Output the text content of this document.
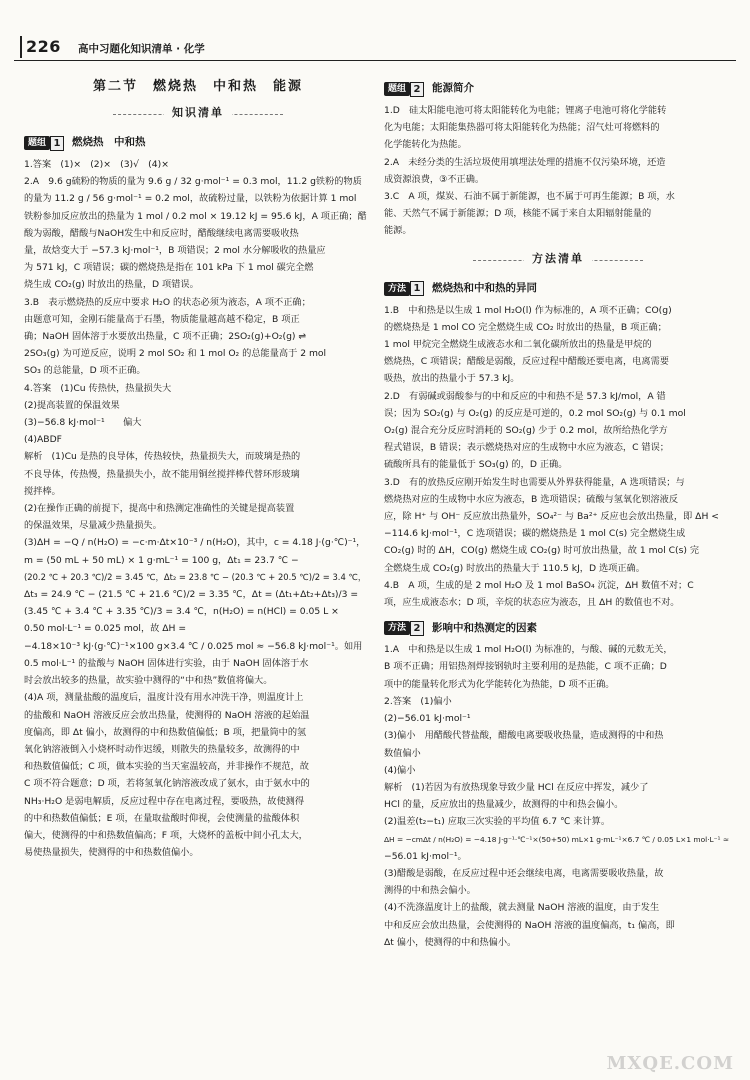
226 高中习题化知识清单 · 化学
第二节　燃烧热　中和热　能源
知识清单
题组 1	燃烧热　中和热

1.答案　(1)×　(2)×　(3)√　(4)×

2.A　9.6 g硫粉的物质的量为 9.6 g / 32 g·mol⁻¹ = 0.3 mol，11.2 g铁粉的物质

的量为 11.2 g / 56 g·mol⁻¹ = 0.2 mol，故硫粉过量，以铁粉为依据计算 1 mol

铁粉参加反应放出的热量为 1 mol / 0.2 mol × 19.12 kJ = 95.6 kJ，A 项正确；醋

酸为弱酸，醋酸与NaOH发生中和反应时，醋酸继续电离需要吸收热

量，故焓变大于 −57.3 kJ·mol⁻¹，B 项错误；2 mol 水分解吸收的热量应

为 571 kJ，C 项错误；碳的燃烧热是指在 101 kPa 下 1 mol 碳完全燃

烧生成 CO₂(g) 时放出的热量，D 项错误。

3.B　表示燃烧热的反应中要求 H₂O 的状态必须为液态，A 项不正确；

由题意可知，金刚石能量高于石墨，物质能量越高越不稳定，B 项正

确；NaOH 固体溶于水要放出热量，C 项不正确；2SO₂(g)+O₂(g) ⇌

2SO₃(g) 为可逆反应，说明 2 mol SO₂ 和 1 mol O₂ 的总能量高于 2 mol

SO₃ 的总能量，D 项不正确。

4.答案　(1)Cu 传热快，热量损失大

(2)提高装置的保温效果

(3)−56.8 kJ·mol⁻¹　　偏大

(4)ABDF

解析　(1)Cu 是热的良导体，传热较快，热量损失大，而玻璃是热的

不良导体，传热慢，热量损失小，故不能用铜丝搅拌棒代替环形玻璃

搅拌棒。

(2)在操作正确的前提下，提高中和热测定准确性的关键是提高装置

的保温效果，尽量减少热量损失。

(3)ΔH = −Q / n(H₂O) = −c·m·Δt×10⁻³ / n(H₂O)，其中，c = 4.18 J·(g·℃)⁻¹，

m = (50 mL + 50 mL) × 1 g·mL⁻¹ = 100 g，Δt₁ = 23.7 ℃ −

(20.2 ℃ + 20.3 ℃)/2 = 3.45 ℃，Δt₂ = 23.8 ℃ − (20.3 ℃ + 20.5 ℃)/2 = 3.4 ℃，

Δt₃ = 24.9 ℃ − (21.5 ℃ + 21.6 ℃)/2 = 3.35 ℃，Δt = (Δt₁+Δt₂+Δt₃)/3 =

(3.45 ℃ + 3.4 ℃ + 3.35 ℃)/3 = 3.4 ℃，n(H₂O) = n(HCl) = 0.05 L ×

0.50 mol·L⁻¹ = 0.025 mol，故 ΔH =

−4.18×10⁻³ kJ·(g·℃)⁻¹×100 g×3.4 ℃ / 0.025 mol ≈ −56.8 kJ·mol⁻¹。如用

0.5 mol·L⁻¹ 的盐酸与 NaOH 固体进行实验，由于 NaOH 固体溶于水

时会放出较多的热量，故实验中测得的“中和热”数值将偏大。

(4)A 项，测量盐酸的温度后，温度计没有用水冲洗干净，则温度计上

的盐酸和 NaOH 溶液反应会放出热量，使测得的 NaOH 溶液的起始温

度偏高，即 Δt 偏小，故测得的中和热数值偏低；B 项，把量筒中的氢

氧化钠溶液倒入小烧杯时动作迟缓，则散失的热量较多，故测得的中

和热数值偏低；C 项，做本实验的当天室温较高，并非操作不规范，故

C 项不符合题意；D 项，若将氢氧化钠溶液改成了氨水，由于氨水中的

NH₃·H₂O 是弱电解质，反应过程中存在电离过程，要吸热，故使测得

的中和热数值偏低；E 项，在量取盐酸时仰视，会使测量的盐酸体积

偏大，使测得的中和热数值偏高；F 项，大烧杯的盖板中间小孔太大，

易使热量损失，使测得的中和热数值偏小。

题组 2	能源简介

1.D　硅太阳能电池可将太阳能转化为电能；锂离子电池可将化学能转

化为电能；太阳能集热器可将太阳能转化为热能；沼气灶可将燃料的

化学能转化为热能。

2.A　未经分类的生活垃圾使用填埋法处理的措施不仅污染环境，还造

成资源浪费，③不正确。

3.C　A 项，煤炭、石油不属于新能源，也不属于可再生能源；B 项，水

能、天然气不属于新能源；D 项，核能不属于来自太阳辐射能量的

能源。

方法清单
方法 1	燃烧热和中和热的异同

1.B　中和热是以生成 1 mol H₂O(l) 作为标准的，A 项不正确；CO(g)

的燃烧热是 1 mol CO 完全燃烧生成 CO₂ 时放出的热量，B 项正确；

1 mol 甲烷完全燃烧生成液态水和二氧化碳所放出的热量是甲烷的

燃烧热，C 项错误；醋酸是弱酸，反应过程中醋酸还要电离，电离需要

吸热，放出的热量小于 57.3 kJ。

2.D　有弱碱或弱酸参与的中和反应的中和热不是 57.3 kJ/mol，A 错

误；因为 SO₂(g) 与 O₂(g) 的反应是可逆的，0.2 mol SO₂(g) 与 0.1 mol

O₂(g) 混合充分反应时消耗的 SO₂(g) 少于 0.2 mol，故所给热化学方

程式错误，B 错误；表示燃烧热对应的生成物中水应为液态，C 错误；

硫酸所具有的能量低于 SO₃(g) 的，D 正确。

3.D　有的放热反应刚开始发生时也需要从外界获得能量，A 选项错误；与

燃烧热对应的生成物中水应为液态，B 选项错误；硫酸与氢氧化钡溶液反

应，除 H⁺ 与 OH⁻ 反应放出热量外，SO₄²⁻ 与 Ba²⁺ 反应也会放出热量，即 ΔH <

−114.6 kJ·mol⁻¹，C 选项错误；碳的燃烧热是 1 mol C(s) 完全燃烧生成

CO₂(g) 时的 ΔH，CO(g) 燃烧生成 CO₂(g) 时可放出热量，故 1 mol C(s) 完

全燃烧生成 CO₂(g) 时放出的热量大于 110.5 kJ，D 选项正确。

4.B　A 项，生成的是 2 mol H₂O 及 1 mol BaSO₄ 沉淀，ΔH 数值不对；C

项，应生成液态水；D 项，辛烷的状态应为液态，且 ΔH 的数值也不对。

方法 2	影响中和热测定的因素

1.A　中和热是以生成 1 mol H₂O(l) 为标准的，与酸、碱的元数无关，

B 项不正确；用铝热剂焊接钢轨时主要利用的是热能，C 项不正确；D

项中的能量转化形式为化学能转化为热能，D 项不正确。

2.答案　(1)偏小

(2)−56.01 kJ·mol⁻¹

(3)偏小　用醋酸代替盐酸，醋酸电离要吸收热量，造成测得的中和热

数值偏小

(4)偏小

解析　(1)若因为有放热现象导致少量 HCl 在反应中挥发，减少了

HCl 的量，反应放出的热量减少，故测得的中和热会偏小。

(2)温差(t₂−t₁) 应取三次实验的平均值 6.7 ℃ 来计算。

ΔH = −cmΔt / n(H₂O) = −4.18 J·g⁻¹·℃⁻¹×(50+50) mL×1 g·mL⁻¹×6.7 ℃ / 0.05 L×1 mol·L⁻¹ ≈

−56.01 kJ·mol⁻¹。

(3)醋酸是弱酸，在反应过程中还会继续电离，电离需要吸收热量，故

测得的中和热会偏小。

(4)不洗涤温度计上的盐酸，就去测量 NaOH 溶液的温度，由于发生

中和反应会放出热量，会使测得的 NaOH 溶液的温度偏高，t₁ 偏高，即

Δt 偏小，使测得的中和热偏小。

MXQE.COM
